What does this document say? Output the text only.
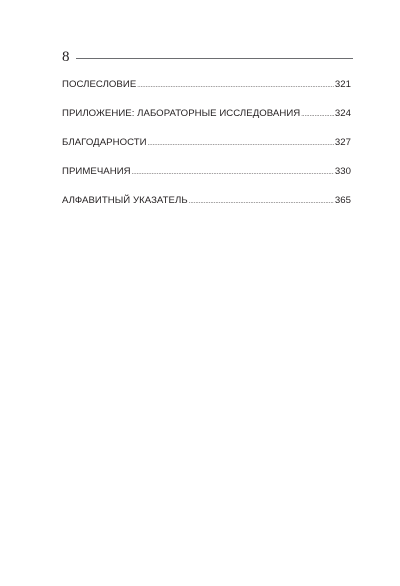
8
ПОСЛЕСЛОВИЕ .....	321
ПРИЛОЖЕНИЕ: ЛАБОРАТОРНЫЕ ИССЛЕДОВАНИЯ .....	324
БЛАГОДАРНОСТИ .....	327
ПРИМЕЧАНИЯ .....	330
АЛФАВИТНЫЙ УКАЗАТЕЛЬ .....	365
